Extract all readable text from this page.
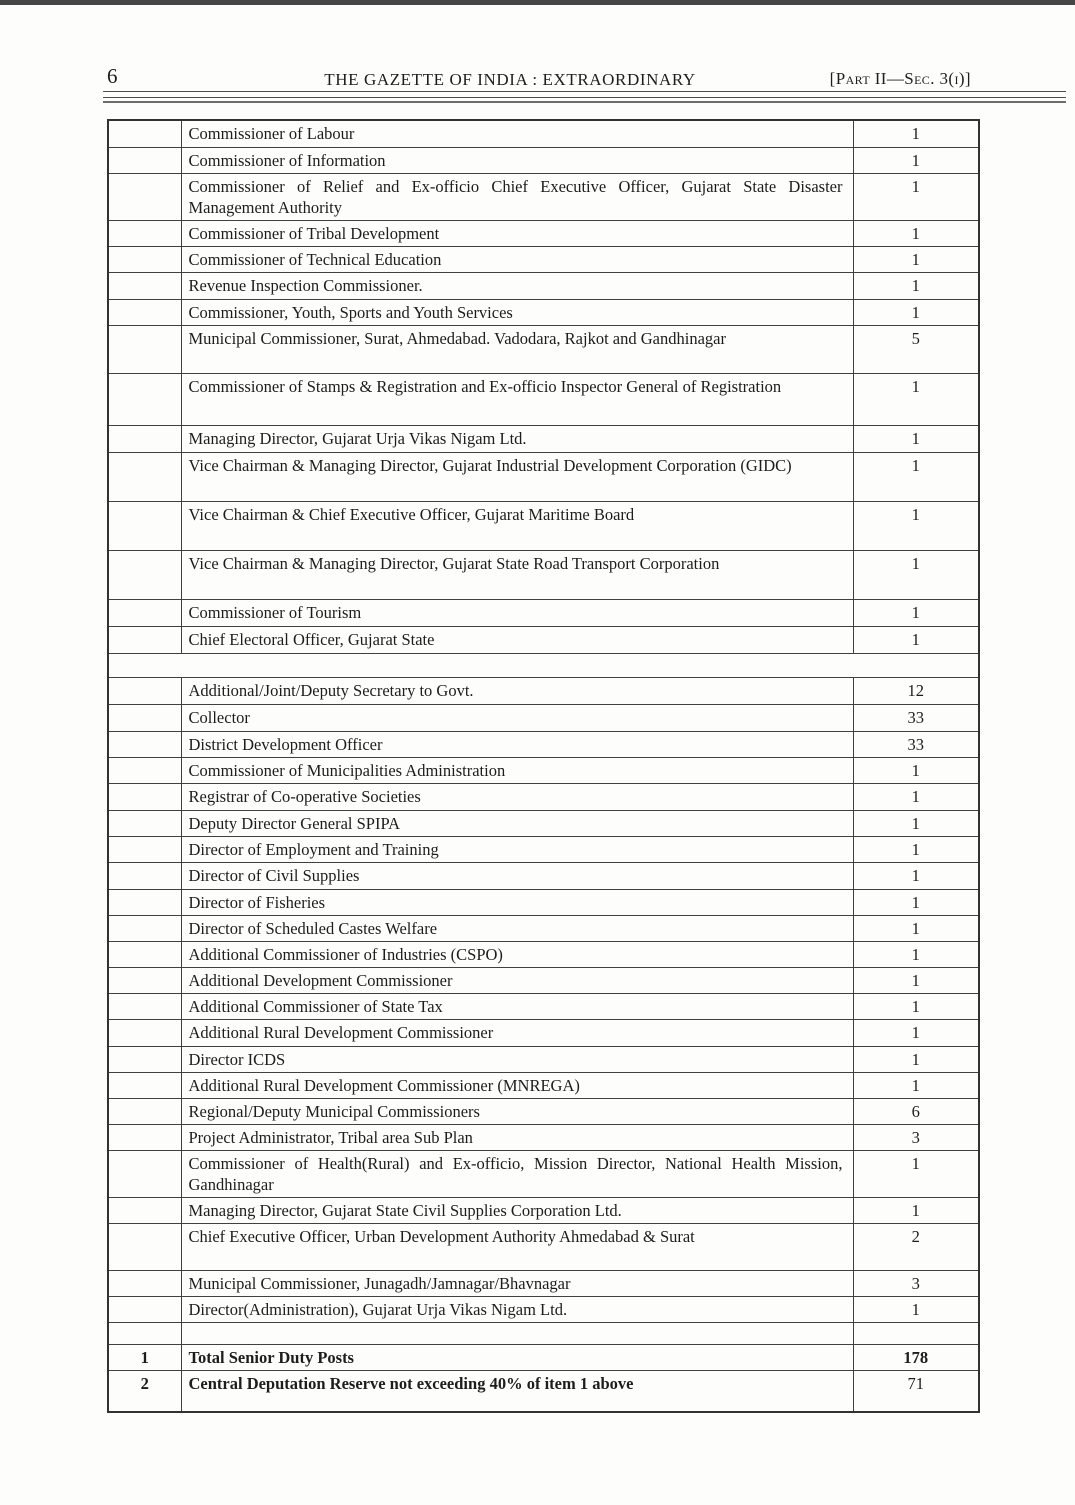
6	THE GAZETTE OF INDIA : EXTRAORDINARY	[Part II—Sec. 3(i)]
	Commissioner of Labour	1
	Commissioner of Information	1
	Commissioner of Relief and Ex-officio Chief Executive Officer, Gujarat State Disaster Management Authority	1
	Commissioner of Tribal Development	1
	Commissioner of Technical Education	1
	Revenue Inspection Commissioner.	1
	Commissioner, Youth, Sports and Youth Services	1
	Municipal Commissioner, Surat, Ahmedabad. Vadodara, Rajkot and Gandhinagar	5
	Commissioner of Stamps & Registration and Ex-officio Inspector General of Registration	1
	Managing Director, Gujarat Urja Vikas Nigam Ltd.	1
	Vice Chairman & Managing Director, Gujarat Industrial Development Corporation (GIDC)	1
	Vice Chairman & Chief Executive Officer, Gujarat Maritime Board	1
	Vice Chairman & Managing Director, Gujarat State Road Transport Corporation	1
	Commissioner of Tourism	1
	Chief Electoral Officer, Gujarat State	1

	Additional/Joint/Deputy Secretary to Govt.	12
	Collector	33
	District Development Officer	33
	Commissioner of Municipalities Administration	1
	Registrar of Co-operative Societies	1
	Deputy Director General SPIPA	1
	Director of Employment and Training	1
	Director of Civil Supplies	1
	Director of Fisheries	1
	Director of Scheduled Castes Welfare	1
	Additional Commissioner of Industries (CSPO)	1
	Additional Development Commissioner	1
	Additional Commissioner of State Tax	1
	Additional Rural Development Commissioner	1
	Director ICDS	1
	Additional Rural Development Commissioner (MNREGA)	1
	Regional/Deputy Municipal Commissioners	6
	Project Administrator, Tribal area Sub Plan	3
	Commissioner of Health(Rural) and Ex-officio, Mission Director, National Health Mission, Gandhinagar	1
	Managing Director, Gujarat State Civil Supplies Corporation Ltd.	1
	Chief Executive Officer, Urban Development Authority Ahmedabad & Surat	2
	Municipal Commissioner, Junagadh/Jamnagar/Bhavnagar	3
	Director(Administration), Gujarat Urja Vikas Nigam Ltd.	1

1	Total Senior Duty Posts	178
2	Central Deputation Reserve not exceeding 40% of item 1 above	71
